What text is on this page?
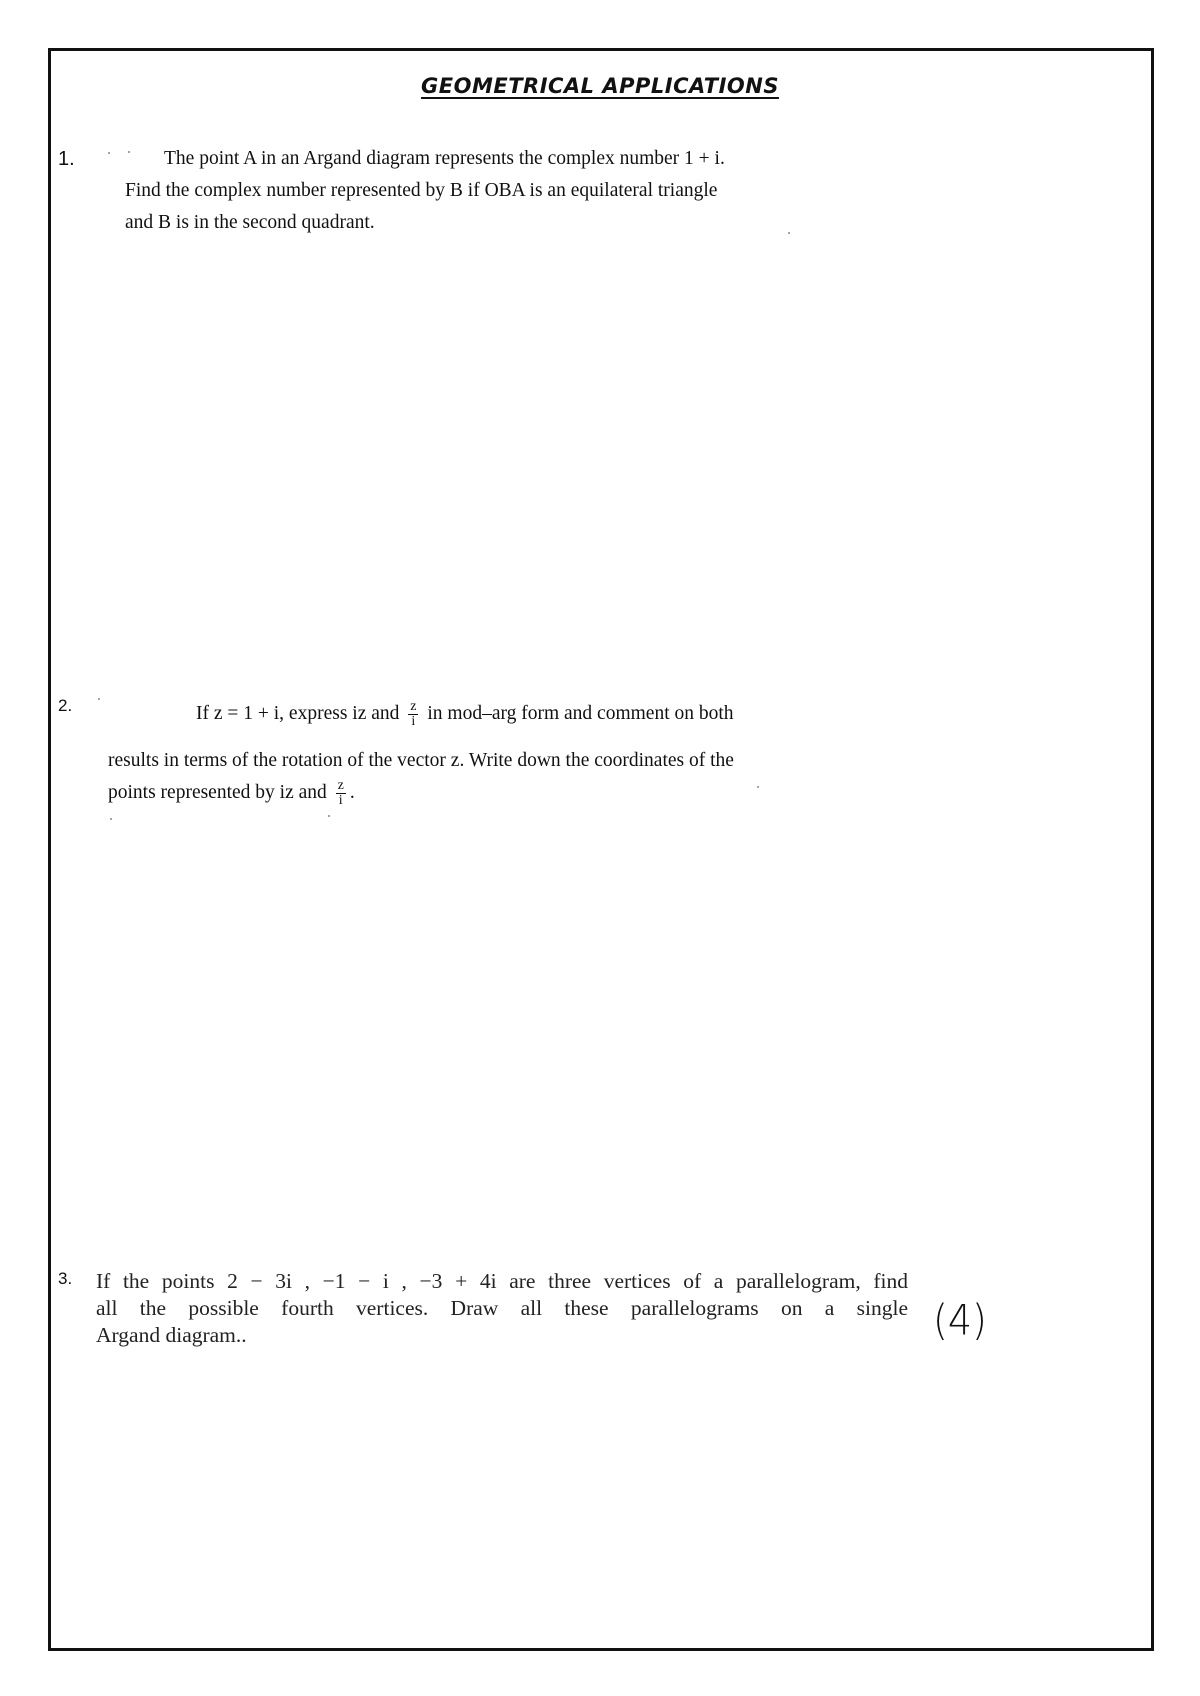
GEOMETRICAL APPLICATIONS
1.	The point A in an Argand diagram represents the complex number 1 + i.
Find the complex number represented by B if OBA is an equilateral triangle
and B is in the second quadrant.
2.	If z = 1 + i, express iz and $\frac{z}{i}$ in mod–arg form and comment on both
results in terms of the rotation of the vector z. Write down the coordinates of the
points represented by iz and $\frac{z}{i}$ .
3. If the points 2 − 3i , −1 − i , −3 + 4i are three vertices of a parallelogram, find
all the possible fourth vertices. Draw all these parallelograms on a single
Argand diagram..	(4)
